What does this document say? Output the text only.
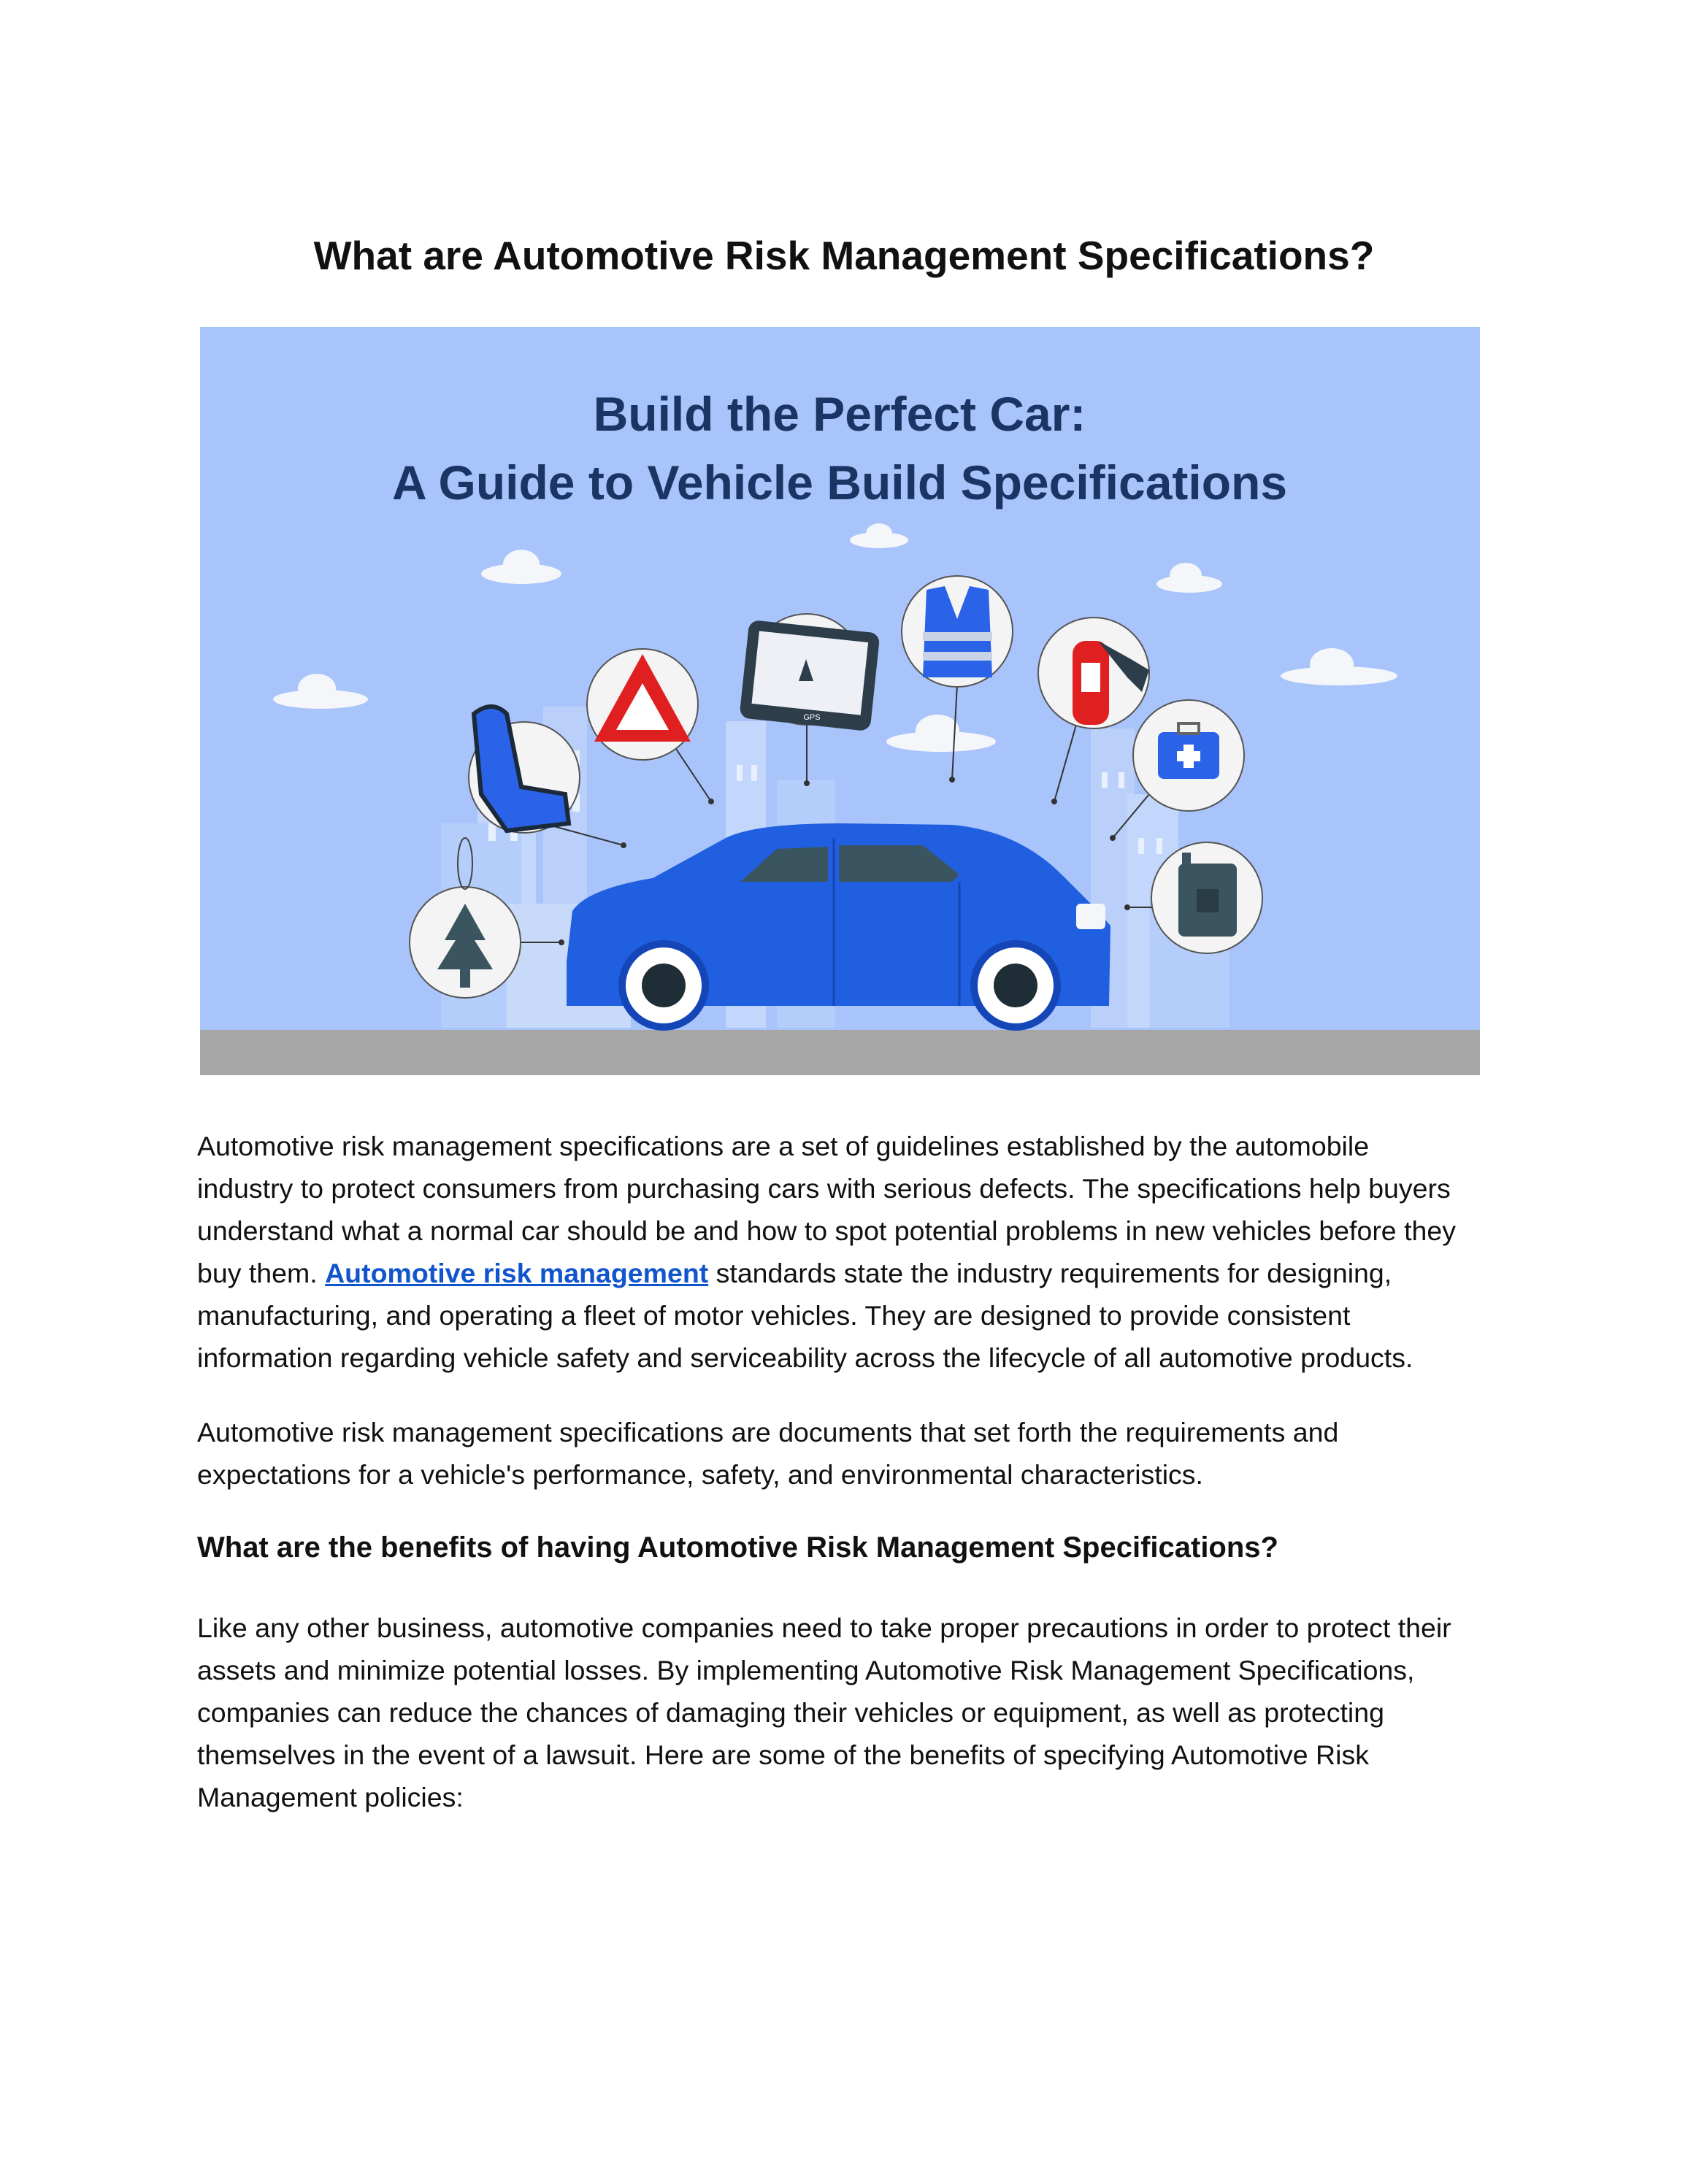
What are Automotive Risk Management Specifications?
Build the Perfect Car:
A Guide to Vehicle Build Specifications
GPS
Automotive risk management specifications are a set of guidelines established by the automobile
industry to protect consumers from purchasing cars with serious defects. The specifications help buyers
understand what a normal car should be and how to spot potential problems in new vehicles before they
buy them. Automotive risk management standards state the industry requirements for designing,
manufacturing, and operating a fleet of motor vehicles. They are designed to provide consistent
information regarding vehicle safety and serviceability across the lifecycle of all automotive products.
Automotive risk management specifications are documents that set forth the requirements and
expectations for a vehicle's performance, safety, and environmental characteristics.
What are the benefits of having Automotive Risk Management Specifications?
Like any other business, automotive companies need to take proper precautions in order to protect their
assets and minimize potential losses. By implementing Automotive Risk Management Specifications,
companies can reduce the chances of damaging their vehicles or equipment, as well as protecting
themselves in the event of a lawsuit. Here are some of the benefits of specifying Automotive Risk
Management policies:
